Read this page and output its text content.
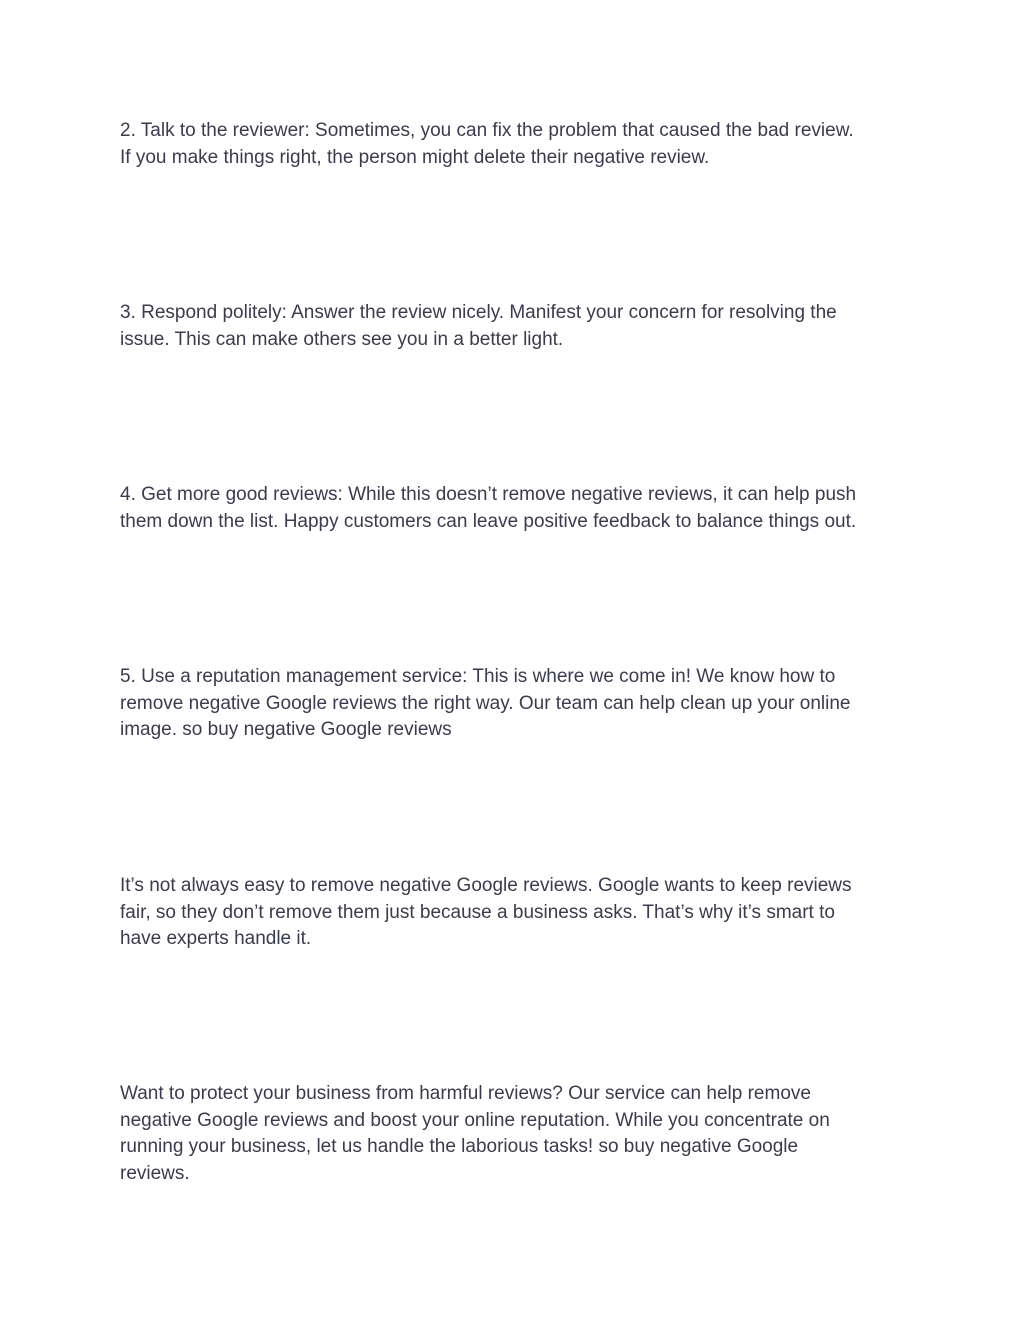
2. Talk to the reviewer: Sometimes, you can fix the problem that caused the bad review.
If you make things right, the person might delete their negative review.

3. Respond politely: Answer the review nicely. Manifest your concern for resolving the
issue. This can make others see you in a better light.

4. Get more good reviews: While this doesn’t remove negative reviews, it can help push
them down the list. Happy customers can leave positive feedback to balance things out.

5. Use a reputation management service: This is where we come in! We know how to
remove negative Google reviews the right way. Our team can help clean up your online
image. so buy negative Google reviews

It’s not always easy to remove negative Google reviews. Google wants to keep reviews
fair, so they don’t remove them just because a business asks. That’s why it’s smart to
have experts handle it.

Want to protect your business from harmful reviews? Our service can help remove
negative Google reviews and boost your online reputation. While you concentrate on
running your business, let us handle the laborious tasks! so buy negative Google
reviews.
